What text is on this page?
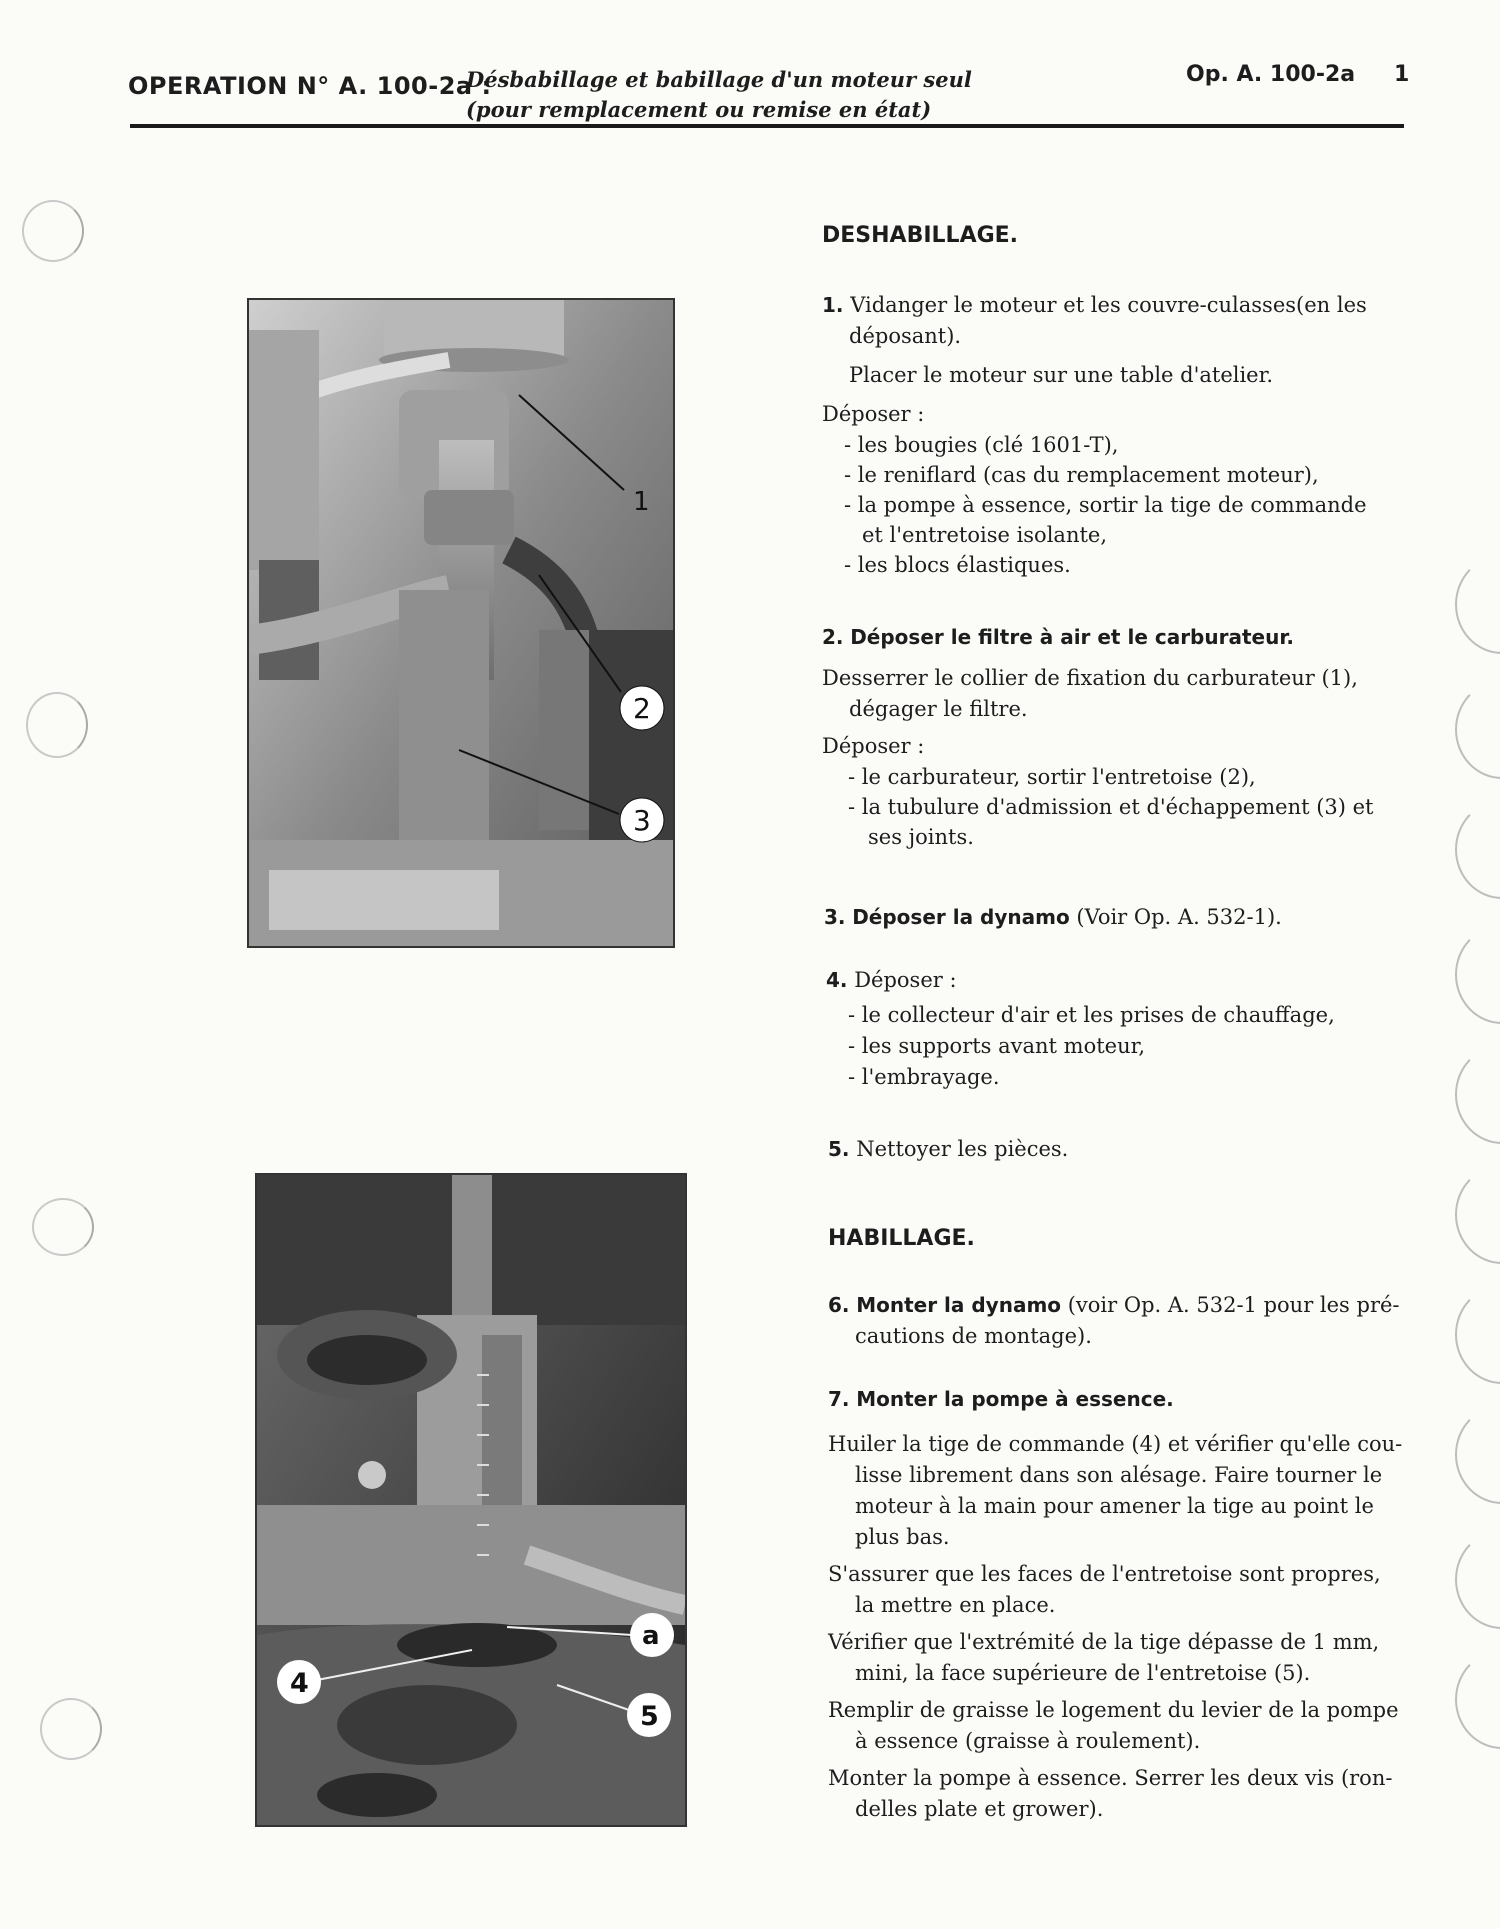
OPERATION N° A. 100-2a :
Désbabillage et babillage d'un moteur seul
(pour remplacement ou remise en état)
Op. A. 100-2a 1
1
2
3
a
4
5
DESHABILLAGE.
1. Vidanger le moteur et les couvre-culasses(en les
déposant).
Placer le moteur sur une table d'atelier.
Déposer :
- les bougies (clé 1601-T),
- le reniflard (cas du remplacement moteur),
- la pompe à essence, sortir la tige de commande
et l'entretoise isolante,
- les blocs élastiques.
2. Déposer le filtre à air et le carburateur.
Desserrer le collier de fixation du carburateur (1),
dégager le filtre.
Déposer :
- le carburateur, sortir l'entretoise (2),
- la tubulure d'admission et d'échappement (3) et
ses joints.
3. Déposer la dynamo (Voir Op. A. 532-1).
4. Déposer :
- le collecteur d'air et les prises de chauffage,
- les supports avant moteur,
- l'embrayage.
5. Nettoyer les pièces.
HABILLAGE.
6. Monter la dynamo (voir Op. A. 532-1 pour les pré-
cautions de montage).
7. Monter la pompe à essence.
Huiler la tige de commande (4) et vérifier qu'elle cou-
lisse librement dans son alésage. Faire tourner le
moteur à la main pour amener la tige au point le
plus bas.
S'assurer que les faces de l'entretoise sont propres,
la mettre en place.
Vérifier que l'extrémité de la tige dépasse de 1 mm,
mini, la face supérieure de l'entretoise (5).
Remplir de graisse le logement du levier de la pompe
à essence (graisse à roulement).
Monter la pompe à essence. Serrer les deux vis (ron-
delles plate et grower).
